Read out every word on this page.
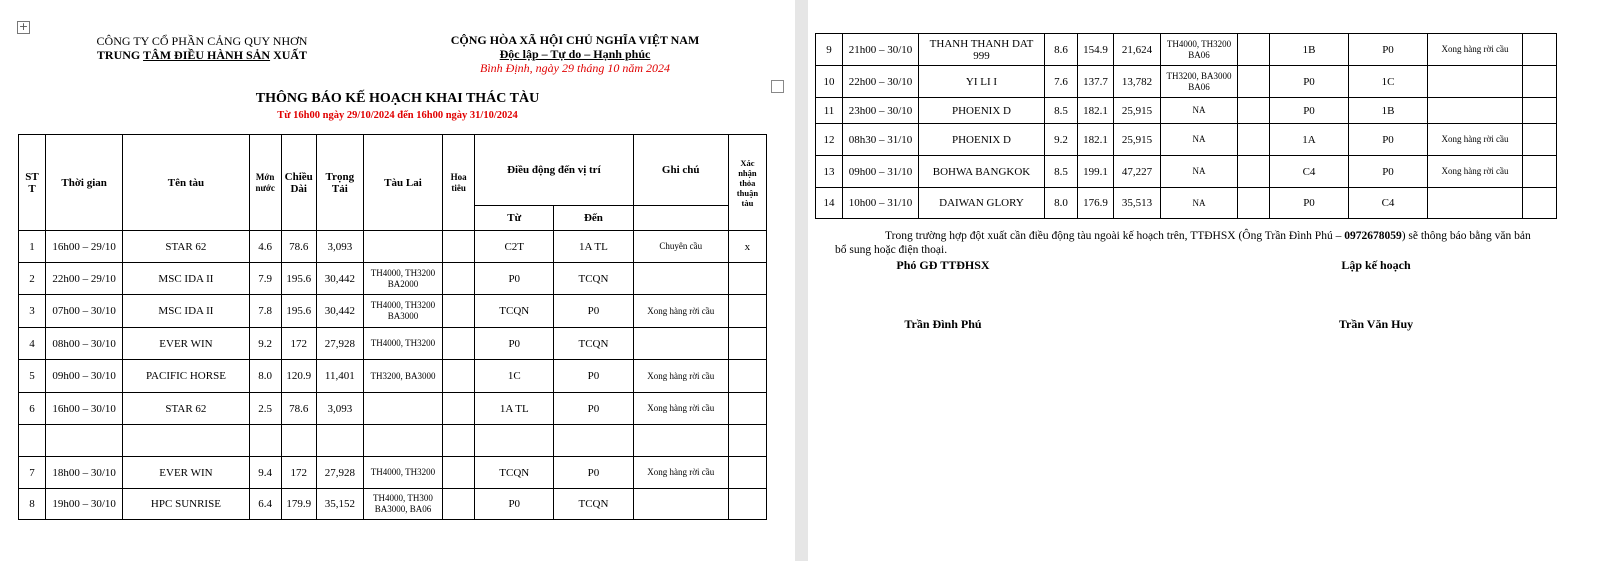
+
CÔNG TY CỔ PHẦN CẢNG QUY NHƠN
TRUNG TÂM ĐIỀU HÀNH SẢN XUẤT
CỘNG HÒA XÃ HỘI CHỦ NGHĨA VIỆT NAM
Độc lập – Tự do – Hạnh phúc
Bình Định, ngày 29 tháng 10 năm 2024
THÔNG BÁO KẾ HOẠCH KHAI THÁC TÀU
Từ 16h00 ngày 29/10/2024 đến 16h00 ngày 31/10/2024
ST T	Thời gian	Tên tàu	Mớn nước	Chiều Dài	Trọng Tải	Tàu Lai	Hoa tiêu	Điều động đến vị trí		Ghi chú	Xác nhận thỏa thuận tàu
								Từ	Đến		
1	16h00 – 29/10	STAR 62	4.6	78.6	3,093			C2T	1A TL	Chuyên cầu	x
2	22h00 – 29/10	MSC IDA II	7.9	195.6	30,442	TH4000, TH3200 BA2000		P0	TCQN		
3	07h00 – 30/10	MSC IDA II	7.8	195.6	30,442	TH4000, TH3200 BA3000		TCQN	P0	Xong hàng rời cầu	
4	08h00 – 30/10	EVER WIN	9.2	172	27,928	TH4000, TH3200		P0	TCQN		
5	09h00 – 30/10	PACIFIC HORSE	8.0	120.9	11,401	TH3200, BA3000		1C	P0	Xong hàng rời cầu	
6	16h00 – 30/10	STAR 62	2.5	78.6	3,093			1A TL	P0	Xong hàng rời cầu	

7	18h00 – 30/10	EVER WIN	9.4	172	27,928	TH4000, TH3200		TCQN	P0	Xong hàng rời cầu	
8	19h00 – 30/10	HPC SUNRISE	6.4	179.9	35,152	TH4000, TH300 BA3000, BA06		P0	TCQN		
9	21h00 – 30/10	THANH THANH DAT 999	8.6	154.9	21,624	TH4000, TH3200 BA06		1B	P0	Xong hàng rời cầu	
10	22h00 – 30/10	YI LI I	7.6	137.7	13,782	TH3200, BA3000 BA06		P0	1C		
11	23h00 – 30/10	PHOENIX D	8.5	182.1	25,915	NA		P0	1B		
12	08h30 – 31/10	PHOENIX D	9.2	182.1	25,915	NA		1A	P0	Xong hàng rời cầu	
13	09h00 – 31/10	BOHWA BANGKOK	8.5	199.1	47,227	NA		C4	P0	Xong hàng rời cầu	
14	10h00 – 31/10	DAIWAN GLORY	8.0	176.9	35,513	NA		P0	C4		
Trong trường hợp đột xuất cần điều động tàu ngoài kế hoạch trên, TTĐHSX (Ông Trần Đình Phú – 0972678059) sẽ thông báo bằng văn bản bổ sung hoặc điện thoại.
Phó GĐ TTĐHSX
Trần Đình Phú
Lập kế hoạch
Trần Văn Huy
